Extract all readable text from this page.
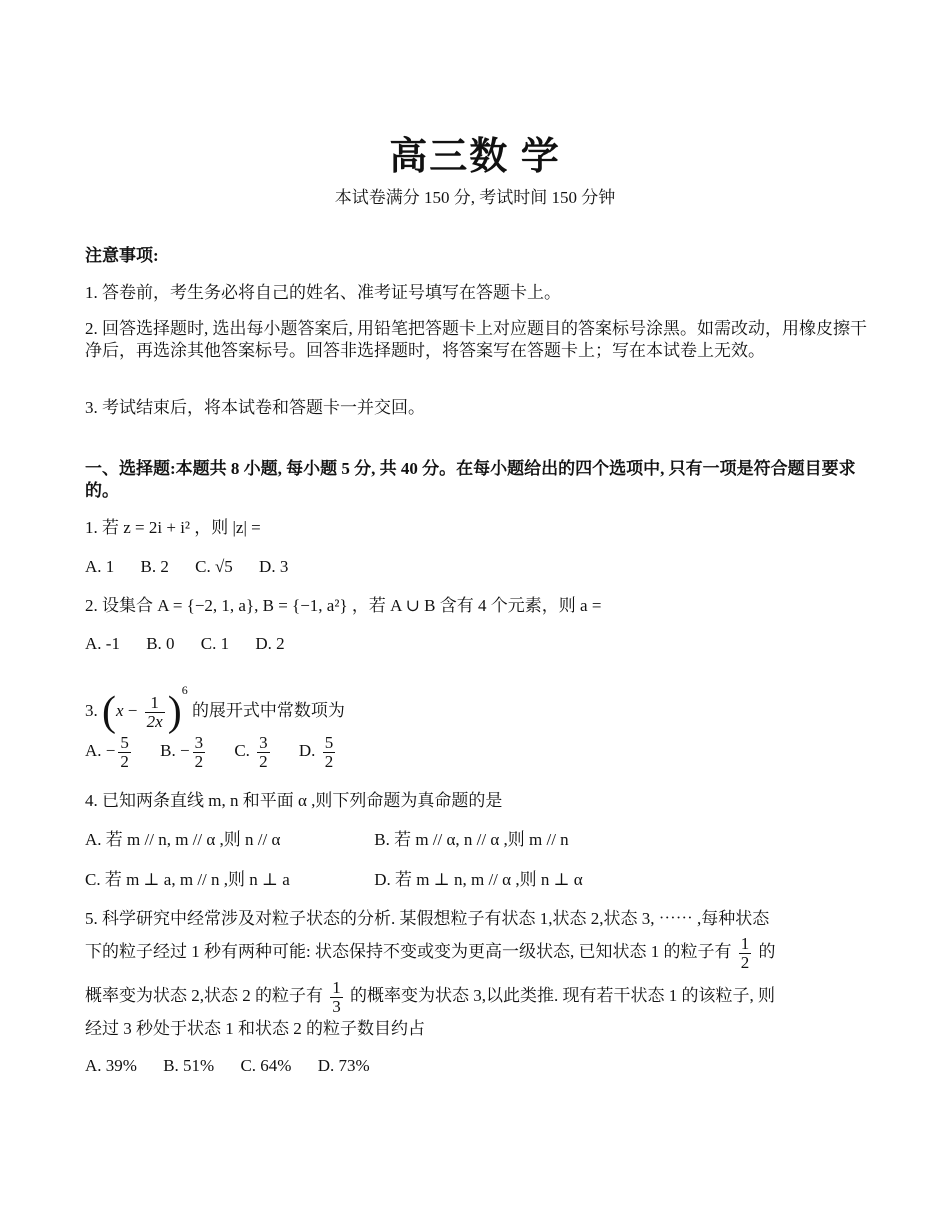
高三数 学
本试卷满分 150 分, 考试时间 150 分钟
注意事项:
1. 答卷前，考生务必将自己的姓名、准考证号填写在答题卡上。
2. 回答选择题时, 选出每小题答案后, 用铅笔把答题卡上对应题目的答案标号涂黑。如需改动，用橡皮擦干净后，再选涂其他答案标号。回答非选择题时，将答案写在答题卡上；写在本试卷上无效。
3. 考试结束后，将本试卷和答题卡一并交回。
一、选择题:本题共 8 小题, 每小题 5 分, 共 40 分。在每小题给出的四个选项中, 只有一项是符合题目要求的。
1. 若 z = 2i + i² ，则 |z| =
A. 1 B. 2 C. √5 D. 3
2. 设集合 A = {−2, 1, a}, B = {−1, a²} ，若 A ∪ B 含有 4 个元素，则 a =
A. -1 B. 0 C. 1 D. 2
3. $(x - \frac{1}{2x} )^6$ 的展开式中常数项为
A. − $\frac{5}{2} B$. − $\frac{3}{2} C$. $\frac{3}{2} D$. $\frac{5}{2}$
4. 已知两条直线 m, n 和平面 α ,则下列命题为真命题的是
A. 若 m // n, m // α ,则 n // α	B. 若 m // α, n // α ,则 m // n
C. 若 m ⊥ a, m // n ,则 n ⊥ a	D. 若 m ⊥ n, m // α ,则 n ⊥ α
5. 科学研究中经常涉及对粒子状态的分析. 某假想粒子有状态 1,状态 2,状态 3, ⋯⋯ ,每种状态
下的粒子经过 1 秒有两种可能: 状态保持不变或变为更高一级状态, 已知状态 1 的粒子有 $\frac{1}{2}$ 的
概率变为状态 2,状态 2 的粒子有 $\frac{1}{3}$ 的概率变为状态 3,以此类推. 现有若干状态 1 的该粒子, 则
经过 3 秒处于状态 1 和状态 2 的粒子数目约占
A. 39% B. 51% C. 64% D. 73%
